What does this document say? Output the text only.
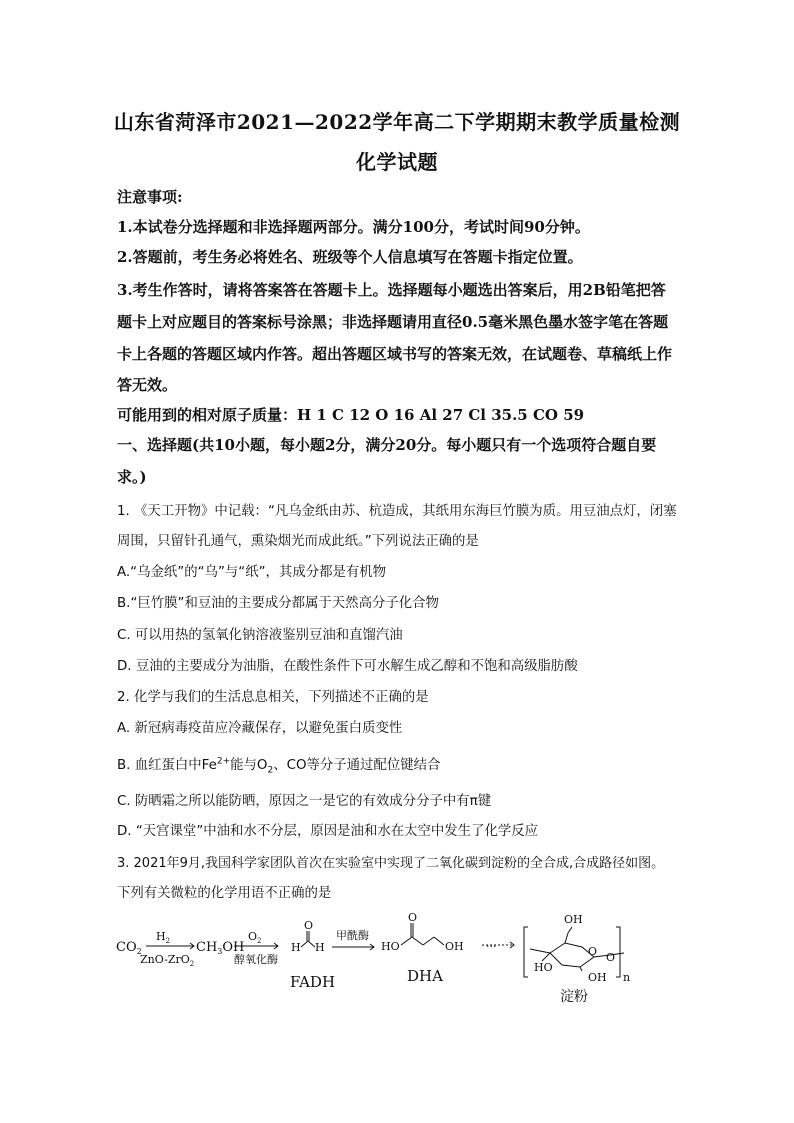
山东省菏泽市2021—2022学年高二下学期期末教学质量检测
化学试题
注意事项:
1.本试卷分选择题和非选择题两部分。满分100分，考试时间90分钟。
2.答题前，考生务必将姓名、班级等个人信息填写在答题卡指定位置。
3.考生作答时，请将答案答在答题卡上。选择题每小题选出答案后，用2B铅笔把答
题卡上对应题目的答案标号涂黑；非选择题请用直径0.5毫米黑色墨水签字笔在答题
卡上各题的答题区域内作答。超出答题区域书写的答案无效，在试题卷、草稿纸上作
答无效。
可能用到的相对原子质量：H 1 C 12 O 16 Al 27 Cl 35.5 CO 59
一、选择题(共10小题，每小题2分，满分20分。每小题只有一个选项符合题自要
求。)
1. 《天工开物》中记载：“凡乌金纸由苏、杭造成，其纸用东海巨竹膜为质。用豆油点灯，闭塞
周围，只留针孔通气，熏染烟光而成此纸。”下列说法正确的是
A.“乌金纸”的“乌”与“纸”，其成分都是有机物
B.“巨竹膜”和豆油的主要成分都属于天然高分子化合物
C. 可以用热的氢氧化钠溶液鉴别豆油和直馏汽油
D. 豆油的主要成分为油脂，在酸性条件下可水解生成乙醇和不饱和高级脂肪酸
2. 化学与我们的生活息息相关，下列描述不正确的是
A. 新冠病毒疫苗应冷藏保存，以避免蛋白质变性
B. 血红蛋白中$Fe^{2+}$能与$O_2$、CO等分子通过配位键结合
C. 防晒霜之所以能防晒，原因之一是它的有效成分分子中有π键
D. “天宫课堂”中油和水不分层，原因是油和水在太空中发生了化学反应
3. 2021年9月,我国科学家团队首次在实验室中实现了二氧化碳到淀粉的全合成,合成路径如图。
下列有关微粒的化学用语不正确的是
$CO_2$
$H_2$
ZnO-ZrO$_2$
$CH_3OH$
$O_2$
醇氧化酶
H H
O
FADH
甲酰酶
HO	OH
O
DHA
...
OH
HO
OH
O O
n
淀粉
